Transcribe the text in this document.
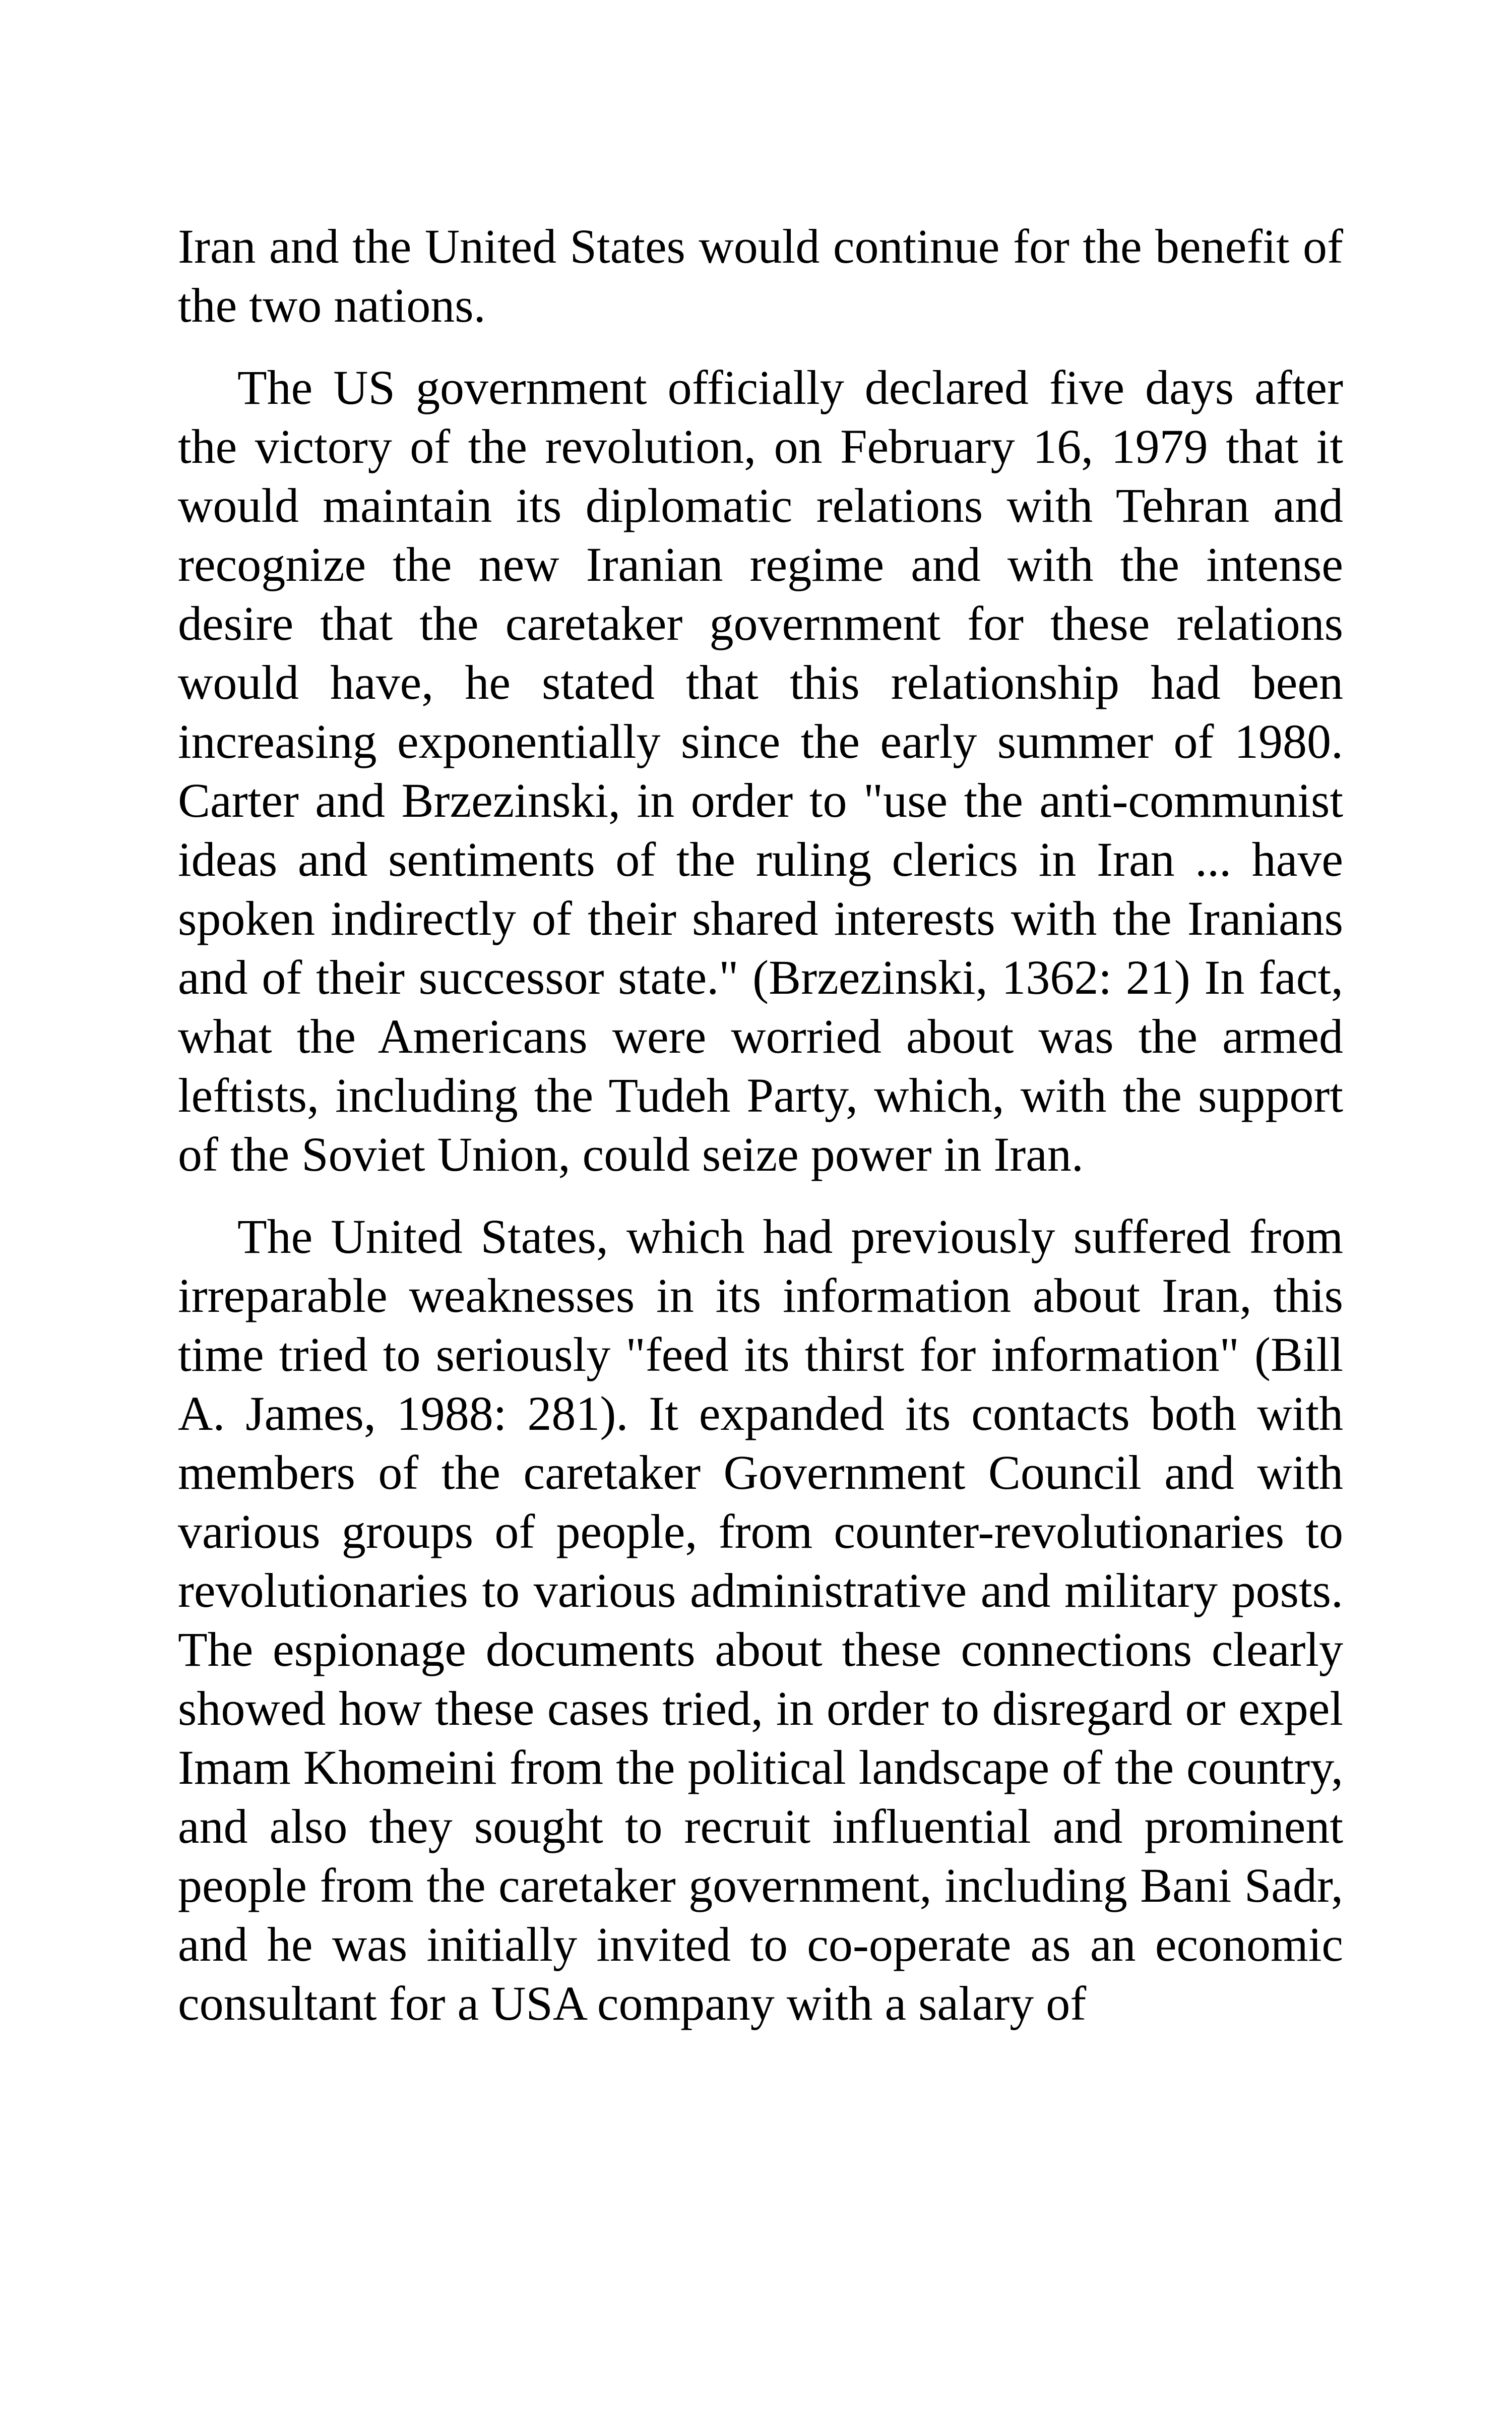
Iran and the United States would continue for the benefit of the two nations.

The US government officially declared five days after the victory of the revolution, on February 16, 1979 that it would maintain its diplomatic relations with Tehran and recognize the new Iranian regime and with the intense desire that the caretaker government for these relations would have, he stated that this relationship had been increasing exponentially since the early summer of 1980. Carter and Brzezinski, in order to "use the anti-communist ideas and sentiments of the ruling clerics in Iran ... have spoken indirectly of their shared interests with the Iranians and of their successor state." (Brzezinski, 1362: 21) In fact, what the Americans were worried about was the armed leftists, including the Tudeh Party, which, with the support of the Soviet Union, could seize power in Iran.

The United States, which had previously suffered from irreparable weaknesses in its information about Iran, this time tried to seriously "feed its thirst for information" (Bill A. James, 1988: 281). It expanded its contacts both with members of the caretaker Government Council and with various groups of people, from counter-revolutionaries to revolutionaries to various administrative and military posts. The espionage documents about these connections clearly showed how these cases tried, in order to disregard or expel Imam Khomeini from the political landscape of the country, and also they sought to recruit influential and prominent people from the caretaker government, including Bani Sadr, and he was initially invited to co-operate as an economic consultant for a USA company with a salary of
